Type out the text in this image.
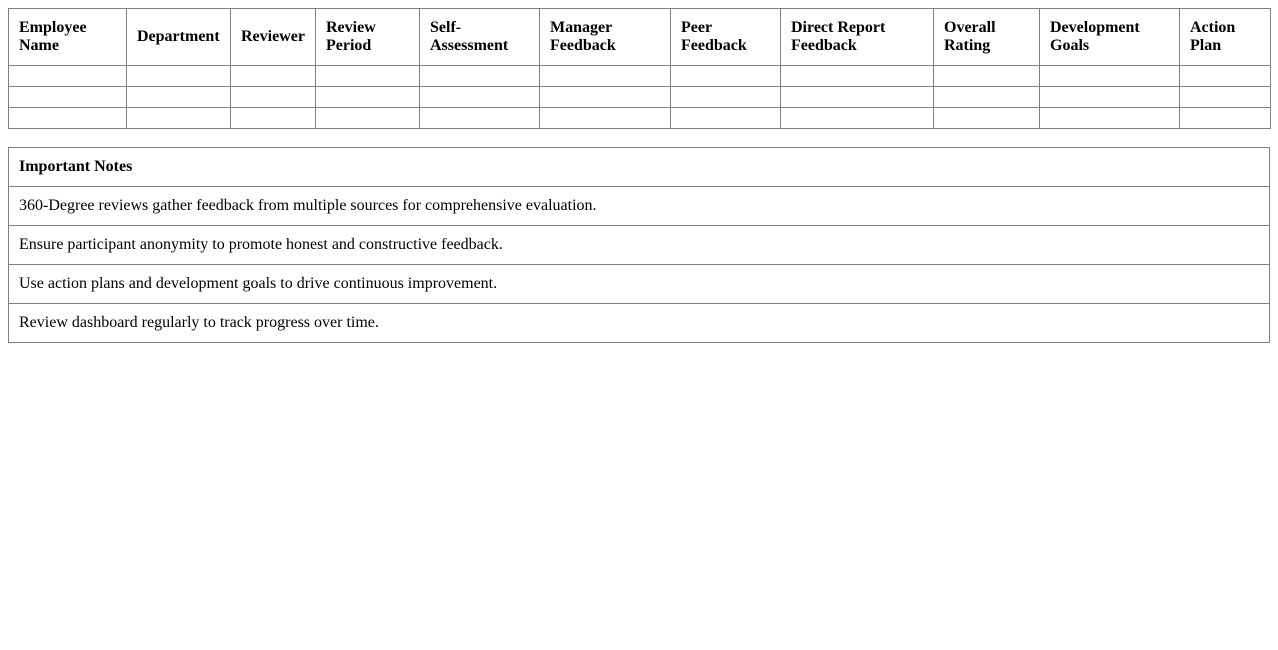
Employee Name	Department	Reviewer	Review Period	Self-Assessment	Manager Feedback	Peer Feedback	Direct Report Feedback	Overall Rating	Development Goals	Action Plan

Important Notes
360-Degree reviews gather feedback from multiple sources for comprehensive evaluation.
Ensure participant anonymity to promote honest and constructive feedback.
Use action plans and development goals to drive continuous improvement.
Review dashboard regularly to track progress over time.
